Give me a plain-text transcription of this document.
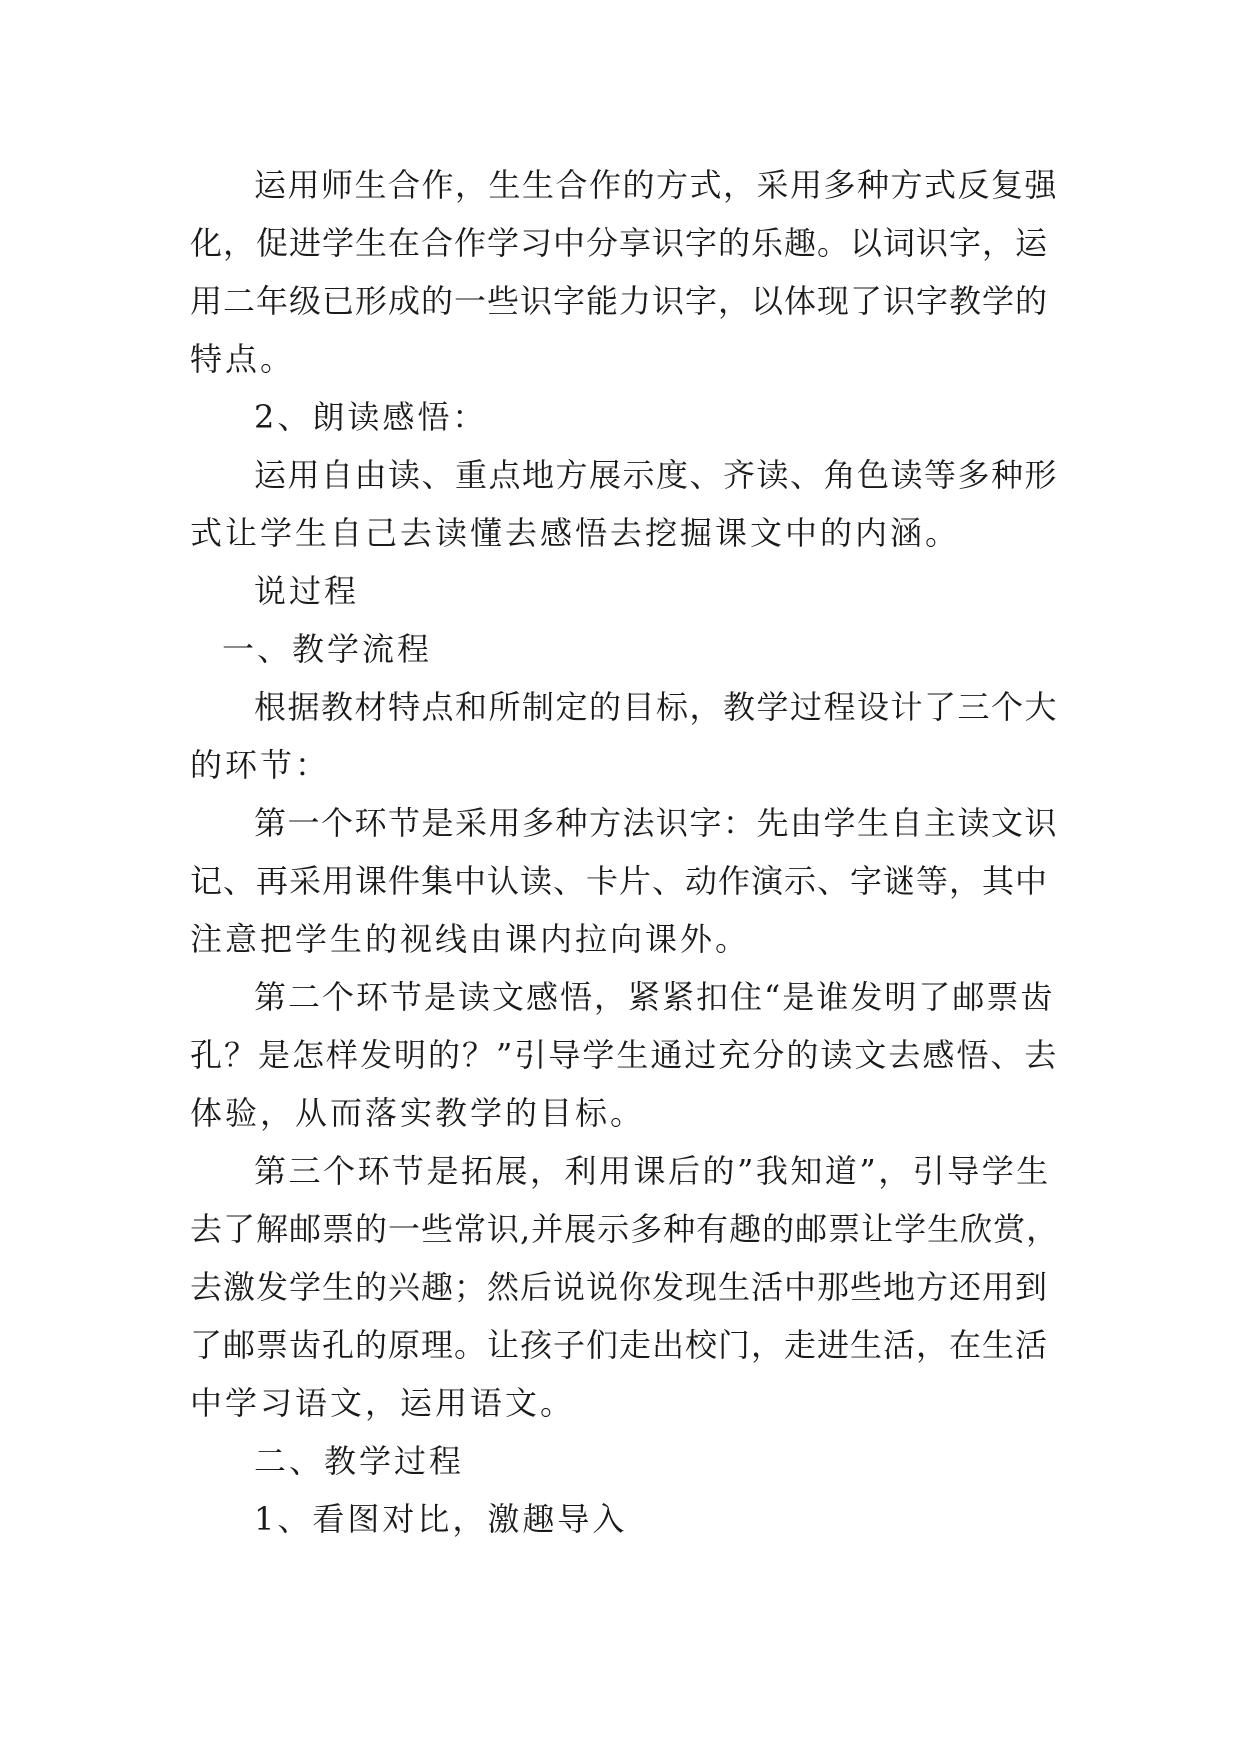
运用师生合作，生生合作的方式，采用多种方式反复强
化，促进学生在合作学习中分享识字的乐趣。以词识字，运
用二年级已形成的一些识字能力识字，以体现了识字教学的
特点。
2、朗读感悟：
运用自由读、重点地方展示度、齐读、角色读等多种形
式让学生自己去读懂去感悟去挖掘课文中的内涵。
说过程
一、教学流程
根据教材特点和所制定的目标，教学过程设计了三个大
的环节：
第一个环节是采用多种方法识字：先由学生自主读文识
记、再采用课件集中认读、卡片、动作演示、字谜等，其中
注意把学生的视线由课内拉向课外。
第二个环节是读文感悟，紧紧扣住“是谁发明了邮票齿
孔？是怎样发明的？”引导学生通过充分的读文去感悟、去
体验，从而落实教学的目标。
第三个环节是拓展，利用课后的”我知道”，引导学生
去了解邮票的一些常识,并展示多种有趣的邮票让学生欣赏，
去激发学生的兴趣；然后说说你发现生活中那些地方还用到
了邮票齿孔的原理。让孩子们走出校门，走进生活，在生活
中学习语文，运用语文。
二、教学过程
1、看图对比，激趣导入
